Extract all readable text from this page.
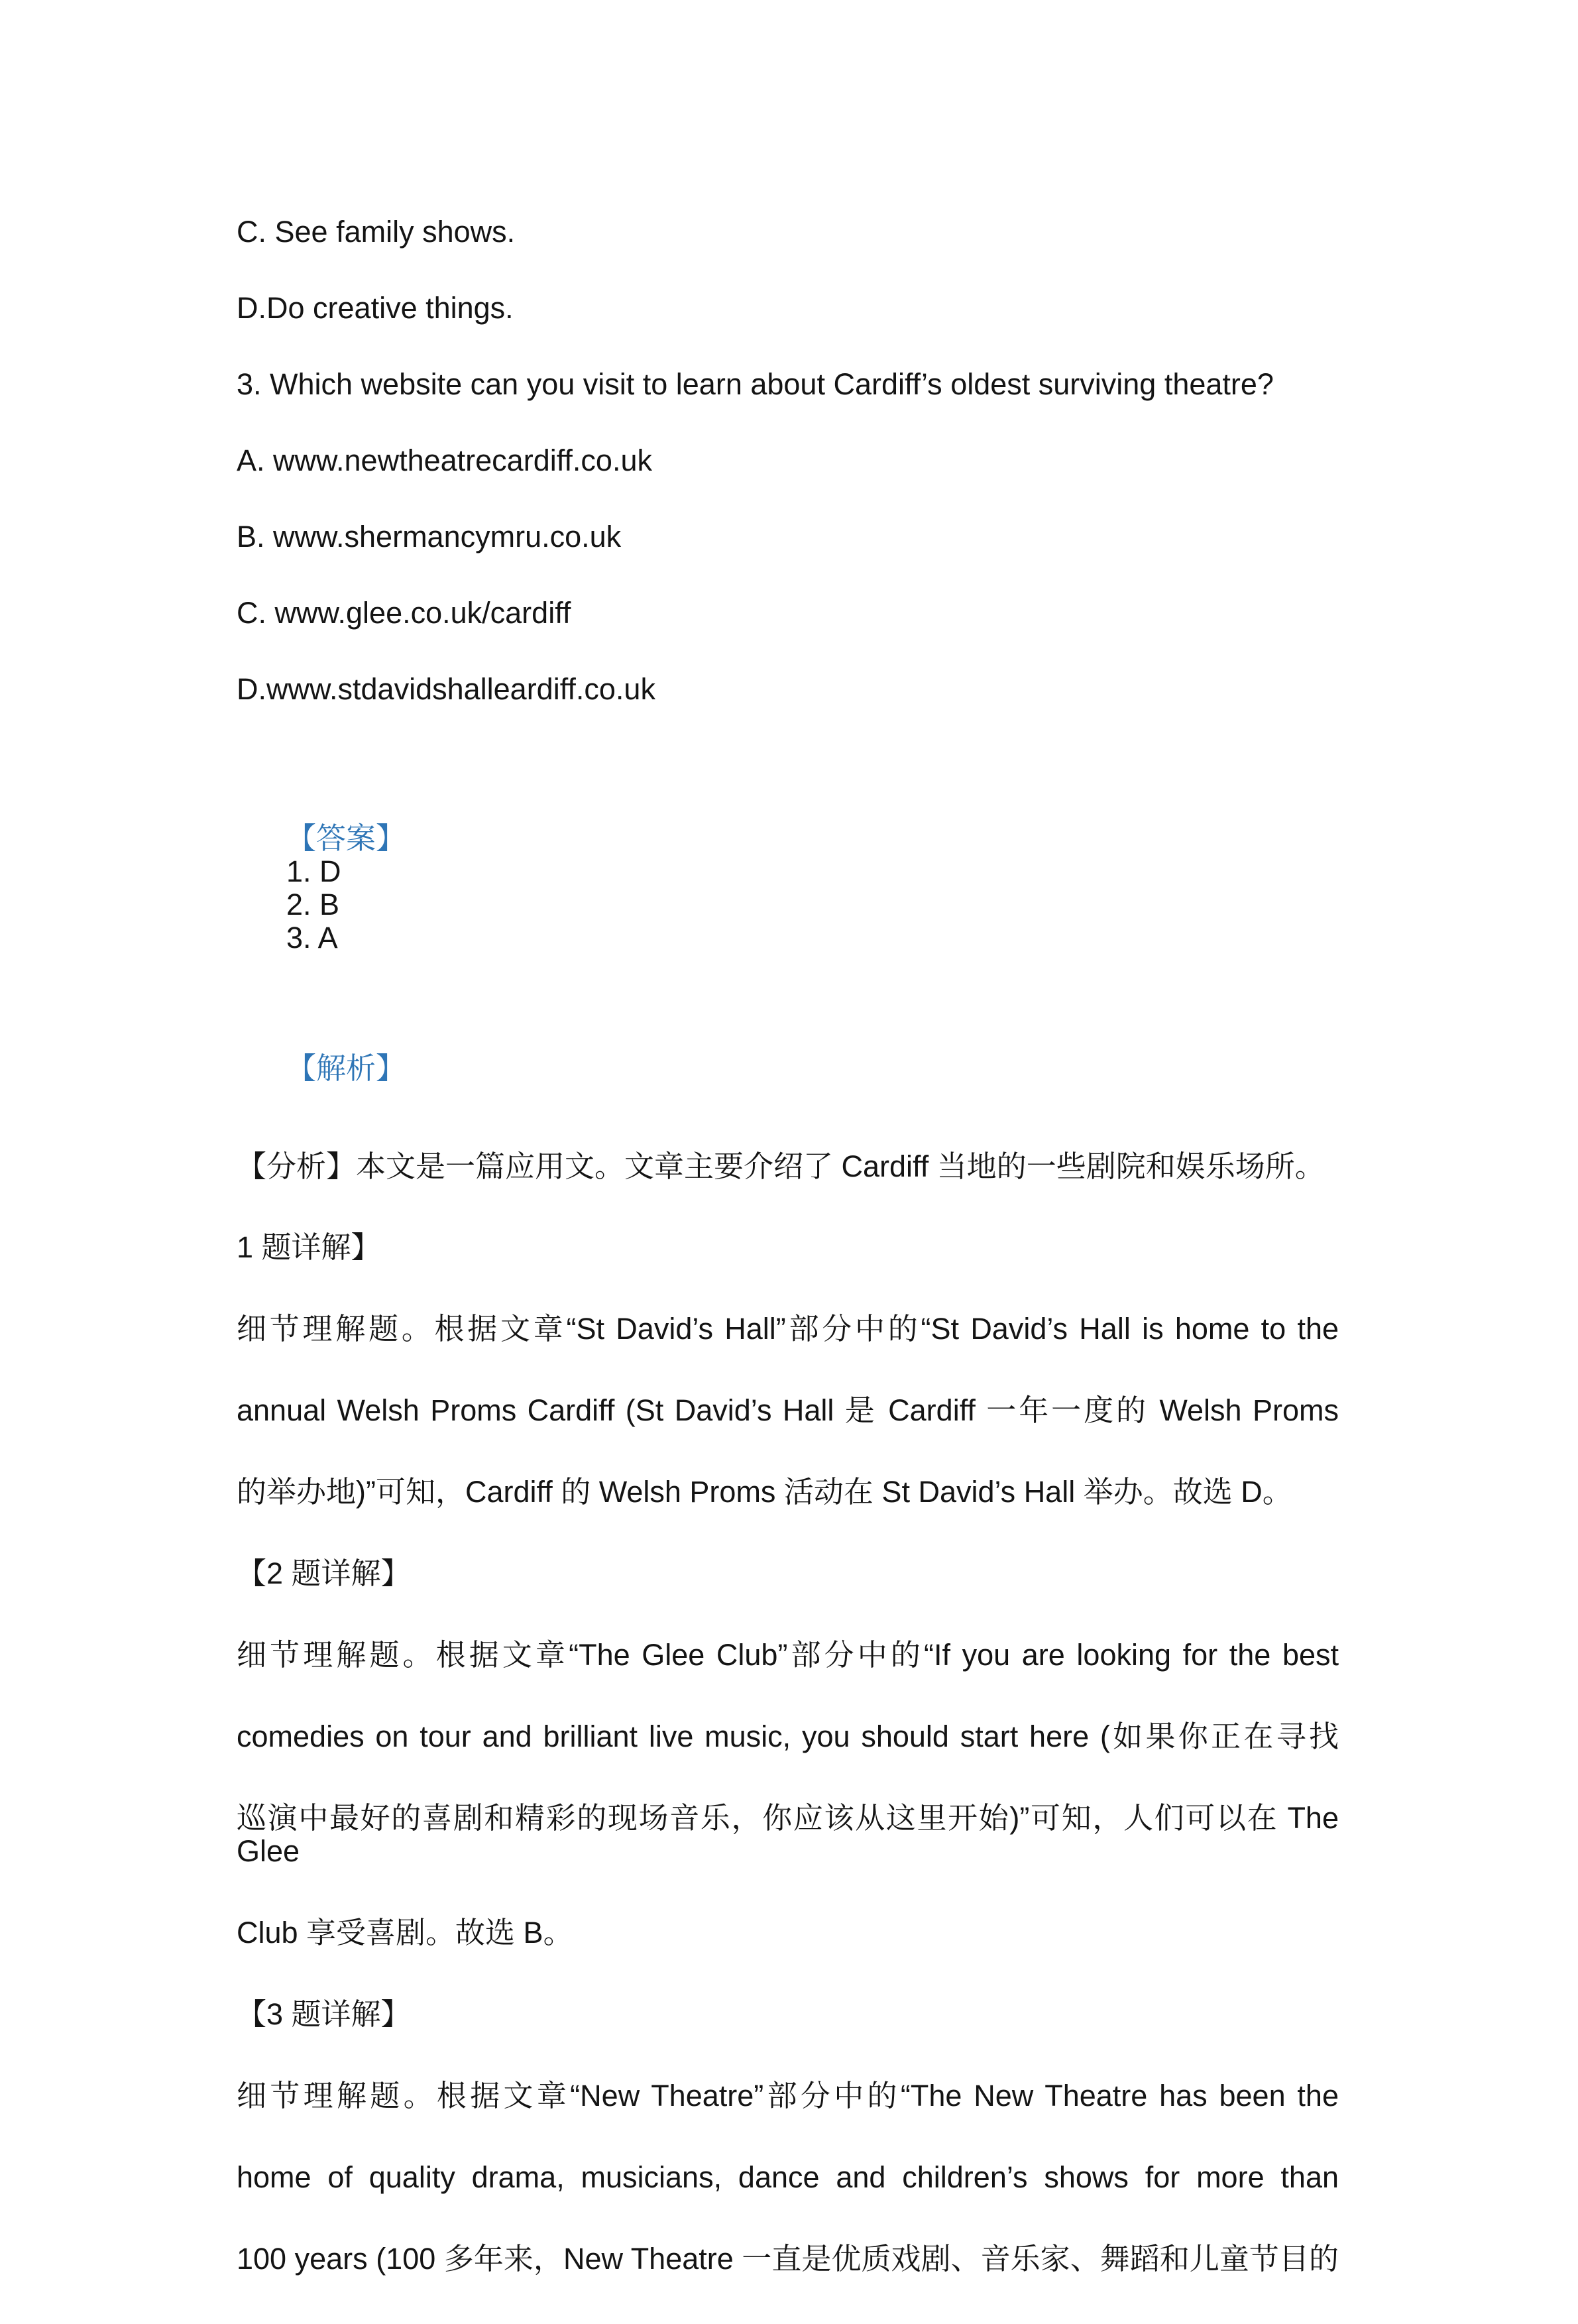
C. See family shows.
D.Do creative things.
3. Which website can you visit to learn about Cardiff’s oldest surviving theatre?
A. www.newtheatrecardiff.co.uk
B. www.shermancymru.co.uk
C. www.glee.co.uk/cardiff
D.www.stdavidshalleardiff.co.uk

【答案】
1. D
2. B
3. A

【解析】

【分析】本文是一篇应用文。文章主要介绍了 Cardiff 当地的一些剧院和娱乐场所。
1 题详解】
细节理解题。根据文章“St David’s Hall”部分中的“St David’s Hall is home to the
annual Welsh Proms Cardiff (St David’s Hall 是 Cardiff 一年一度的 Welsh Proms
的举办地)”可知，Cardiff 的 Welsh Proms 活动在 St David’s Hall 举办。故选 D。
【2 题详解】
细节理解题。根据文章“The Glee Club”部分中的“If you are looking for the best
comedies on tour and brilliant live music, you should start here (如果你正在寻找
巡演中最好的喜剧和精彩的现场音乐，你应该从这里开始)”可知，人们可以在 The Glee
Club 享受喜剧。故选 B。
【3 题详解】
细节理解题。根据文章“New Theatre”部分中的“The New Theatre has been the
home of quality drama, musicians, dance and children’s shows for more than
100 years (100 多年来，New Theatre 一直是优质戏剧、音乐家、舞蹈和儿童节目的
